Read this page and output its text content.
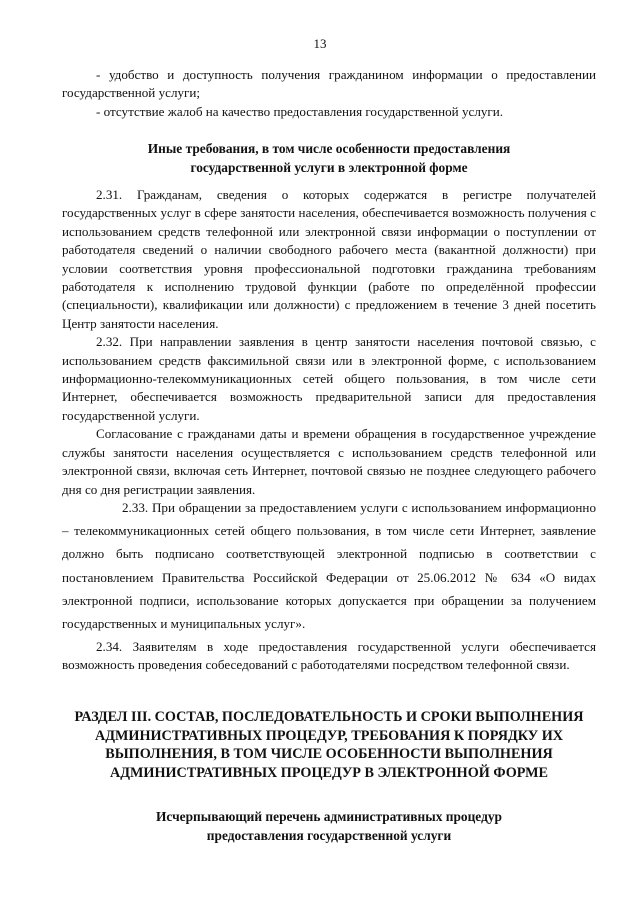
13

- удобство и доступность получения гражданином информации о предоставлении государственной услуги;

- отсутствие жалоб на качество предоставления государственной услуги.

Иные требования, в том числе особенности предоставления государственной услуги в электронной форме

2.31. Гражданам, сведения о которых содержатся в регистре получателей государственных услуг в сфере занятости населения, обеспечивается возможность получения с использованием средств телефонной или электронной связи информации о поступлении от работодателя сведений о наличии свободного рабочего места (вакантной должности) при условии соответствия уровня профессиональной подготовки гражданина требованиям работодателя к исполнению трудовой функции (работе по определённой профессии (специальности), квалификации или должности) с предложением в течение 3 дней посетить Центр занятости населения.

2.32. При направлении заявления в центр занятости населения почтовой связью, с использованием средств факсимильной связи или в электронной форме, с использованием информационно-телекоммуникационных сетей общего пользования, в том числе сети Интернет, обеспечивается возможность предварительной записи для предоставления государственной услуги.

Согласование с гражданами даты и времени обращения в государственное учреждение службы занятости населения осуществляется с использованием средств телефонной или электронной связи, включая сеть Интернет, почтовой связью не позднее следующего рабочего дня со дня регистрации заявления.

2.33. При обращении за предоставлением услуги с использованием информационно – телекоммуникационных сетей общего пользования, в том числе сети Интернет, заявление должно быть подписано соответствующей электронной подписью в соответствии с постановлением Правительства Российской Федерации от 25.06.2012 № 634 «О видах электронной подписи, использование которых допускается при обращении за получением государственных и муниципальных услуг».

2.34. Заявителям в ходе предоставления государственной услуги обеспечивается возможность проведения собеседований с работодателями посредством телефонной связи.

РАЗДЕЛ III. СОСТАВ, ПОСЛЕДОВАТЕЛЬНОСТЬ И СРОКИ ВЫПОЛНЕНИЯ АДМИНИСТРАТИВНЫХ ПРОЦЕДУР, ТРЕБОВАНИЯ К ПОРЯДКУ ИХ ВЫПОЛНЕНИЯ, В ТОМ ЧИСЛЕ ОСОБЕННОСТИ ВЫПОЛНЕНИЯ АДМИНИСТРАТИВНЫХ ПРОЦЕДУР В ЭЛЕКТРОННОЙ ФОРМЕ
Исчерпывающий перечень административных процедур предоставления государственной услуги
